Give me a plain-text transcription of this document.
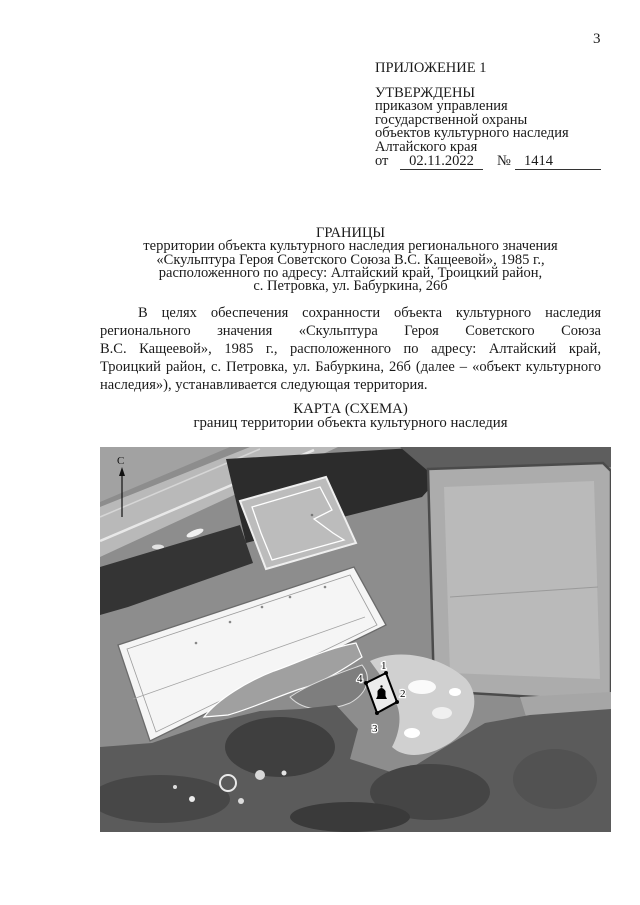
3
ПРИЛОЖЕНИЕ 1
УТВЕРЖДЕНЫ
приказом управления
государственной охраны
объектов культурного наследия
Алтайского края
от	02.11.2022	№ 1414
ГРАНИЦЫ
территории объекта культурного наследия регионального значения
«Скульптура Героя Советского Союза В.С. Кащеевой», 1985 г.,
расположенного по адресу: Алтайский край, Троицкий район,
с. Петровка, ул. Бабуркина, 26б
В целях обеспечения сохранности объекта культурного наследия
регионального значения «Скульптура Героя Советского Союза
В.С. Кащеевой», 1985 г., расположенного по адресу: Алтайский край,
Троицкий район, с. Петровка, ул. Бабуркина, 26б (далее – «объект культурного
наследия»), устанавливается следующая территория.
КАРТА (СХЕМА)
границ территории объекта культурного наследия
С
1
2
3
4
